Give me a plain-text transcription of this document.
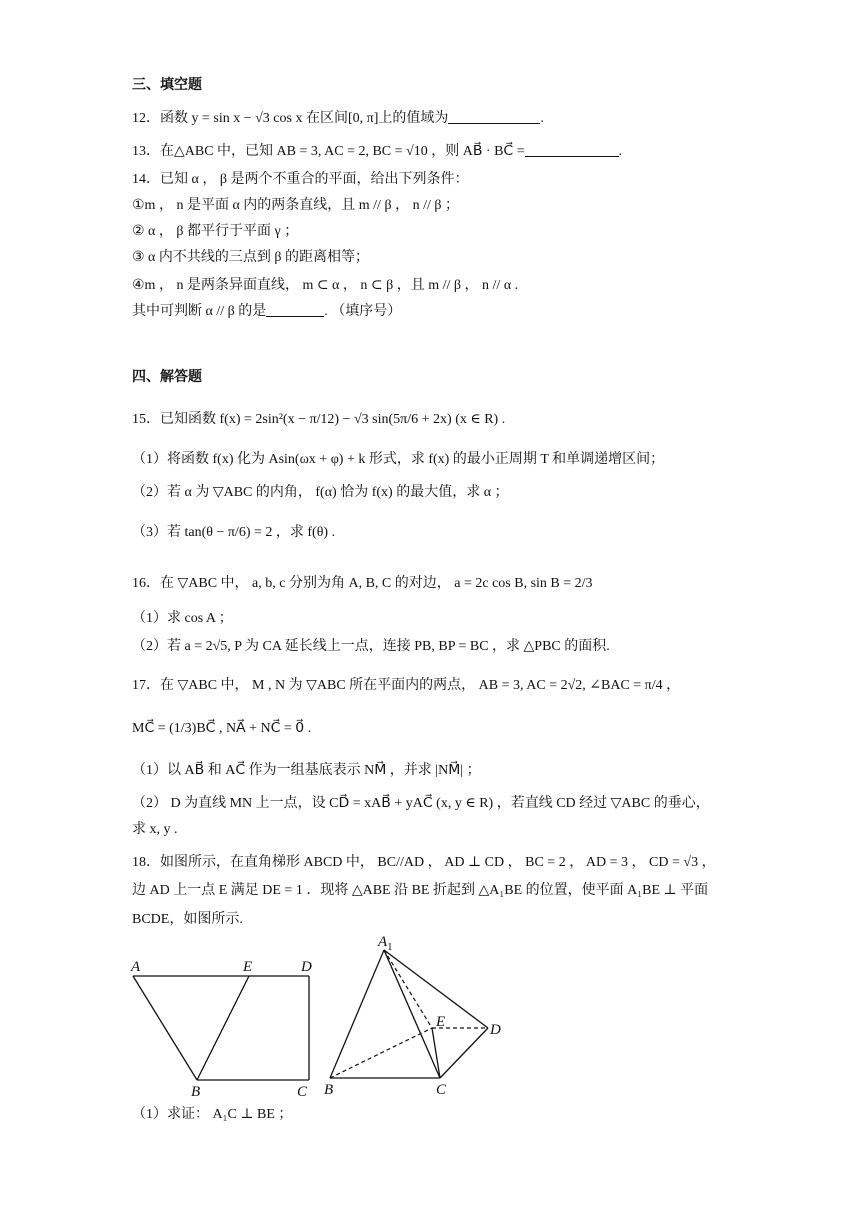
三、填空题
12．函数 y = sin x − √3 cos x 在区间[0, π]上的值域为	.
13．在△ABC 中，已知 AB = 3, AC = 2, BC = √10 ，则 AB⃗ · BC⃗ =	.
14．已知 α ， β 是两个不重合的平面，给出下列条件：
①m ， n 是平面 α 内的两条直线，且 m // β ， n // β ；
② α ， β 都平行于平面 γ ；
③ α 内不共线的三点到 β 的距离相等；
④m ， n 是两条异面直线， m ⊂ α ， n ⊂ β ，且 m // β ， n // α .
其中可判断 α // β 的是	. （填序号）
四、解答题
15．已知函数 f(x) = 2sin²(x − π/12) − √3 sin(5π/6 + 2x) (x ∈ R) .
（1）将函数 f(x) 化为 Asin(ωx + φ) + k 形式，求 f(x) 的最小正周期 T 和单调递增区间；
（2）若 α 为 ▽ABC 的内角， f(α) 恰为 f(x) 的最大值，求 α ；
（3）若 tan(θ − π/6) = 2 ，求 f(θ) .
16．在 ▽ABC 中， a, b, c 分别为角 A, B, C 的对边， a = 2c cos B, sin B = 2/3
（1）求 cos A ；
（2）若 a = 2√5, P 为 CA 延长线上一点，连接 PB, BP = BC ，求 △PBC 的面积.
17．在 ▽ABC 中， M , N 为 ▽ABC 所在平面内的两点， AB = 3, AC = 2√2, ∠BAC = π/4 ，
MC⃗ = (1/3)BC⃗ , NA⃗ + NC⃗ = 0⃗ .
（1）以 AB⃗ 和 AC⃗ 作为一组基底表示 NM⃗ ，并求 |NM⃗| ；
（2） D 为直线 MN 上一点，设 CD⃗ = xAB⃗ + yAC⃗ (x, y ∈ R) ，若直线 CD 经过 ▽ABC 的垂心，
求 x, y .
18．如图所示，在直角梯形 ABCD 中， BC//AD ， AD ⊥ CD ， BC = 2 ， AD = 3 ， CD = √3 ，
边 AD 上一点 E 满足 DE = 1 ．现将 △ABE 沿 BE 折起到 △A₁BE 的位置，使平面 A₁BE ⊥ 平面
BCDE，如图所示.
A	E	D
B	C
$A_1$
E	D
B	C
（1）求证： A₁C ⊥ BE ；
